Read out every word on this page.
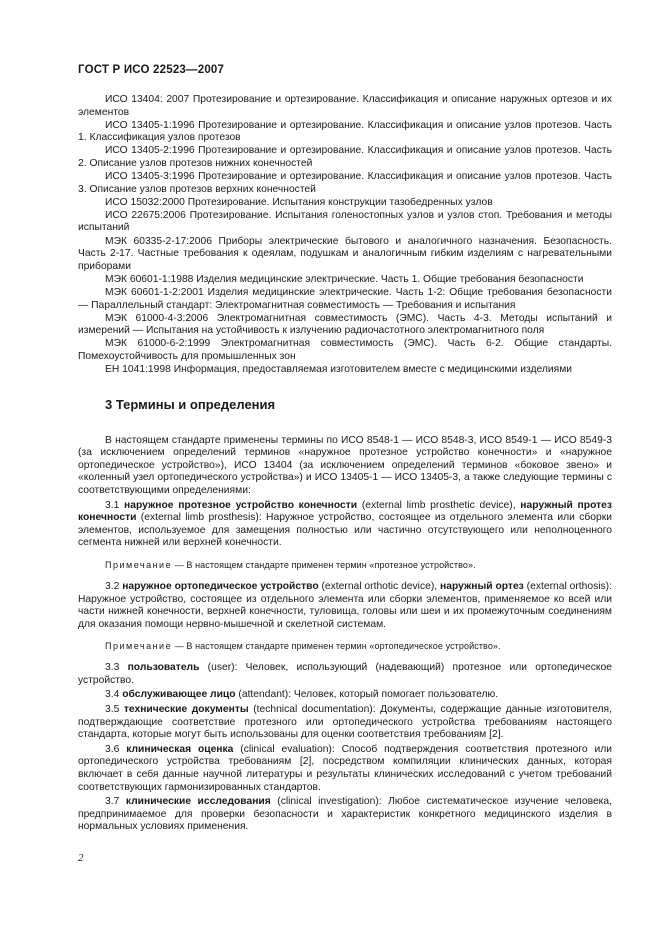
ГОСТ Р ИСО 22523—2007

ИСО 13404: 2007 Протезирование и ортезирование. Классификация и описание наружных ортезов и их элементов

ИСО 13405-1:1996 Протезирование и ортезирование. Классификация и описание узлов протезов. Часть 1. Классификация узлов протезов

ИСО 13405-2:1996 Протезирование и ортезирование. Классификация и описание узлов протезов. Часть 2. Описание узлов протезов нижних конечностей

ИСО 13405-3:1996 Протезирование и ортезирование. Классификация и описание узлов протезов. Часть 3. Описание узлов протезов верхних конечностей

ИСО 15032:2000 Протезирование. Испытания конструкции тазобедренных узлов

ИСО 22675:2006 Протезирование. Испытания голеностопных узлов и узлов стоп. Требования и методы испытаний

МЭК 60335-2-17:2006 Приборы электрические бытового и аналогичного назначения. Безопасность. Часть 2-17. Частные требования к одеялам, подушкам и аналогичным гибким изделиям с нагревательными приборами

МЭК 60601-1:1988 Изделия медицинские электрические. Часть 1. Общие требования безопасности

МЭК 60601-1-2:2001 Изделия медицинские электрические. Часть 1-2: Общие требования безопасности — Параллельный стандарт: Электромагнитная совместимость — Требования и испытания

МЭК 61000-4-3:2006 Электромагнитная совместимость (ЭМС). Часть 4-3. Методы испытаний и измерений — Испытания на устойчивость к излучению радиочастотного электромагнитного поля

МЭК 61000-6-2:1999 Электромагнитная совместимость (ЭМС). Часть 6-2. Общие стандарты. Помехоустойчивость для промышленных зон

ЕН 1041:1998 Информация, предоставляемая изготовителем вместе с медицинскими изделиями

3 Термины и определения

В настоящем стандарте применены термины по ИСО 8548-1 — ИСО 8548-3, ИСО 8549-1 — ИСО 8549-3 (за исключением определений терминов «наружное протезное устройство конечности» и «наружное ортопедическое устройство»), ИСО 13404 (за исключением определений терминов «боковое звено» и «коленный узел ортопедического устройства») и ИСО 13405-1 — ИСО 13405-3, а также следующие термины с соответствующими определениями:

3.1 наружное протезное устройство конечности (external limb prosthetic device), наружный протез конечности (external limb prosthesis): Наружное устройство, состоящее из отдельного элемента или сборки элементов, используемое для замещения полностью или частично отсутствующего или неполноценного сегмента нижней или верхней конечности.

Примечание — В настоящем стандарте применен термин «протезное устройство».

3.2 наружное ортопедическое устройство (external orthotic device), наружный ортез (external orthosis): Наружное устройство, состоящее из отдельного элемента или сборки элементов, применяемое ко всей или части нижней конечности, верхней конечности, туловища, головы или шеи и их промежуточным соединениям для оказания помощи нервно-мышечной и скелетной системам.

Примечание — В настоящем стандарте применен термин «ортопедическое устройство».

3.3 пользователь (user): Человек, использующий (надевающий) протезное или ортопедическое устройство.

3.4 обслуживающее лицо (attendant): Человек, который помогает пользователю.

3.5 технические документы (technical documentation): Документы, содержащие данные изготовителя, подтверждающие соответствие протезного или ортопедического устройства требованиям настоящего стандарта, которые могут быть использованы для оценки соответствия требованиям [2].

3.6 клиническая оценка (clinical evaluation): Способ подтверждения соответствия протезного или ортопедического устройства требованиям [2], посредством компиляции клинических данных, которая включает в себя данные научной литературы и результаты клинических исследований с учетом требований соответствующих гармонизированных стандартов.

3.7 клинические исследования (clinical investigation): Любое систематическое изучение человека, предпринимаемое для проверки безопасности и характеристик конкретного медицинского изделия в нормальных условиях применения.

2
